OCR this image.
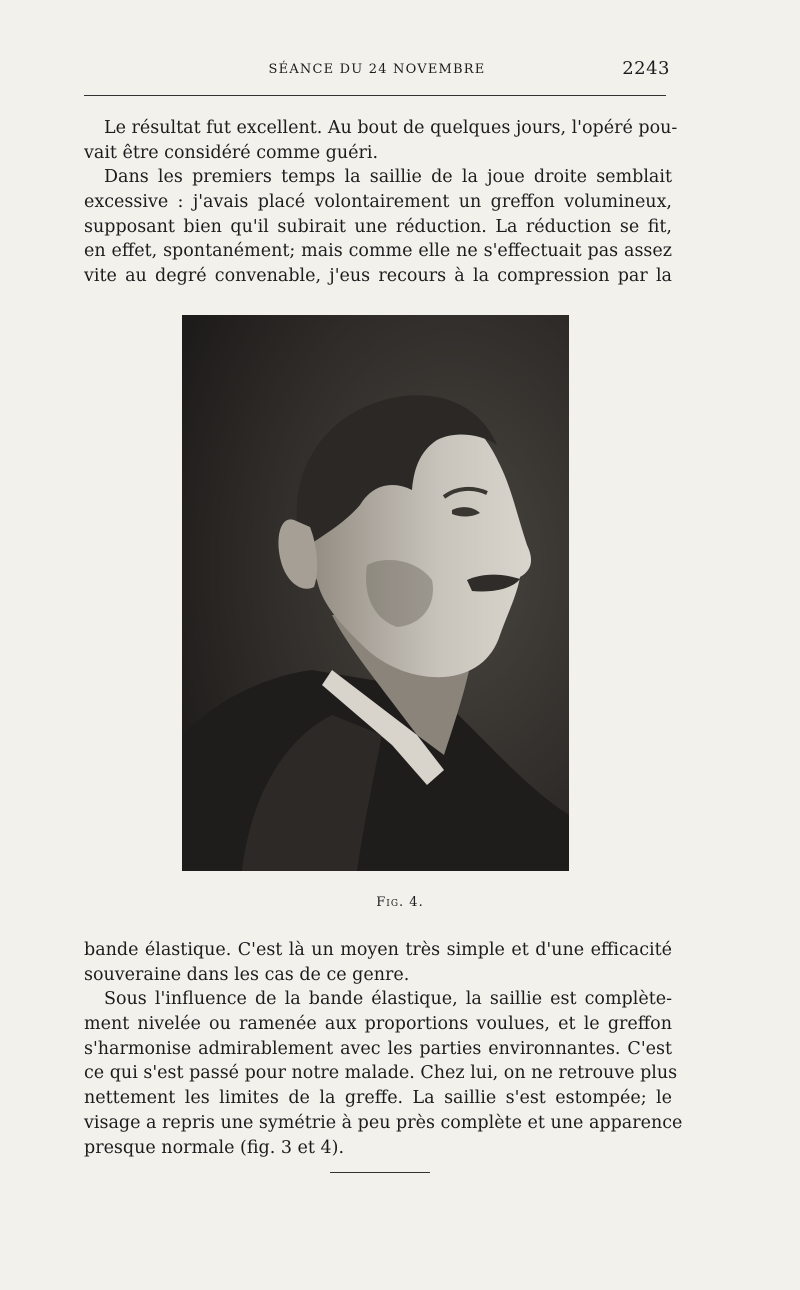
SÉANCE DU 24 NOVEMBRE	2243

Le résultat fut excellent. Au bout de quelques jours, l'opéré pou-
vait être considéré comme guéri.

Dans les premiers temps la saillie de la joue droite semblait
excessive : j'avais placé volontairement un greffon volumineux,
supposant bien qu'il subirait une réduction. La réduction se fit,
en effet, spontanément; mais comme elle ne s'effectuait pas assez
vite au degré convenable, j'eus recours à la compression par la

Fig. 4.

bande élastique. C'est là un moyen très simple et d'une efficacité
souveraine dans les cas de ce genre.

Sous l'influence de la bande élastique, la saillie est complète-
ment nivelée ou ramenée aux proportions voulues, et le greffon
s'harmonise admirablement avec les parties environnantes. C'est
ce qui s'est passé pour notre malade. Chez lui, on ne retrouve plus
nettement les limites de la greffe. La saillie s'est estompée; le
visage a repris une symétrie à peu près complète et une apparence
presque normale (fig. 3 et 4).
